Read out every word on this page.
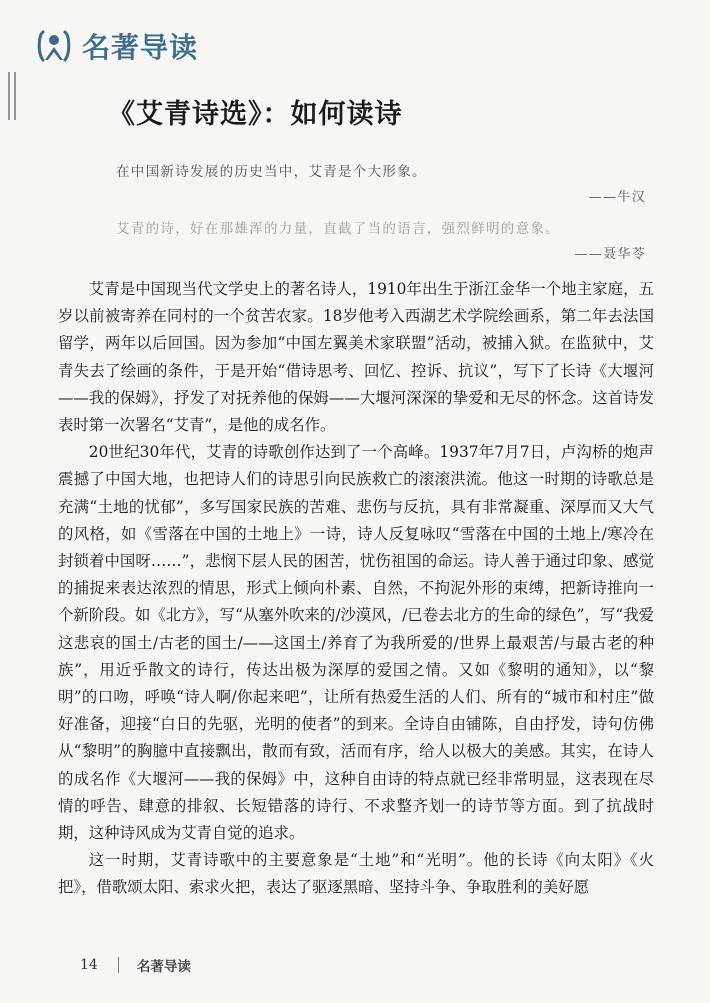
名著导读
《艾青诗选》：如何读诗

在中国新诗发展的历史当中，艾青是个大形象。

——牛汉

艾青的诗，好在那雄浑的力量，直截了当的语言，强烈鲜明的意象。

——聂华苓

艾青是中国现当代文学史上的著名诗人，1910年出生于浙江金华一个地主家庭，五岁以前被寄养在同村的一个贫苦农家。18岁他考入西湖艺术学院绘画系，第二年去法国留学，两年以后回国。因为参加“中国左翼美术家联盟”活动，被捕入狱。在监狱中，艾青失去了绘画的条件，于是开始“借诗思考、回忆、控诉、抗议”，写下了长诗《大堰河——我的保姆》，抒发了对抚养他的保姆——大堰河深深的挚爱和无尽的怀念。这首诗发表时第一次署名“艾青”，是他的成名作。

20世纪30年代，艾青的诗歌创作达到了一个高峰。1937年7月7日，卢沟桥的炮声震撼了中国大地，也把诗人们的诗思引向民族救亡的滚滚洪流。他这一时期的诗歌总是充满“土地的忧郁”，多写国家民族的苦难、悲伤与反抗，具有非常凝重、深厚而又大气的风格，如《雪落在中国的土地上》一诗，诗人反复咏叹“雪落在中国的土地上/寒冷在封锁着中国呀……”，悲悯下层人民的困苦，忧伤祖国的命运。诗人善于通过印象、感觉的捕捉来表达浓烈的情思，形式上倾向朴素、自然，不拘泥外形的束缚，把新诗推向一个新阶段。如《北方》，写“从塞外吹来的/沙漠风，/已卷去北方的生命的绿色”，写“我爱这悲哀的国土/古老的国土/——这国土/养育了为我所爱的/世界上最艰苦/与最古老的种族”，用近乎散文的诗行，传达出极为深厚的爱国之情。又如《黎明的通知》，以“黎明”的口吻，呼唤“诗人啊/你起来吧”，让所有热爱生活的人们、所有的“城市和村庄”做好准备，迎接“白日的先驱，光明的使者”的到来。全诗自由铺陈，自由抒发，诗句仿佛从“黎明”的胸臆中直接飘出，散而有致，活而有序，给人以极大的美感。其实，在诗人的成名作《大堰河——我的保姆》中，这种自由诗的特点就已经非常明显，这表现在尽情的呼告、肆意的排叙、长短错落的诗行、不求整齐划一的诗节等方面。到了抗战时期，这种诗风成为艾青自觉的追求。

这一时期，艾青诗歌中的主要意象是“土地”和“光明”。他的长诗《向太阳》《火把》，借歌颂太阳、索求火把，表达了驱逐黑暗、坚持斗争、争取胜利的美好愿

14	名著导读
